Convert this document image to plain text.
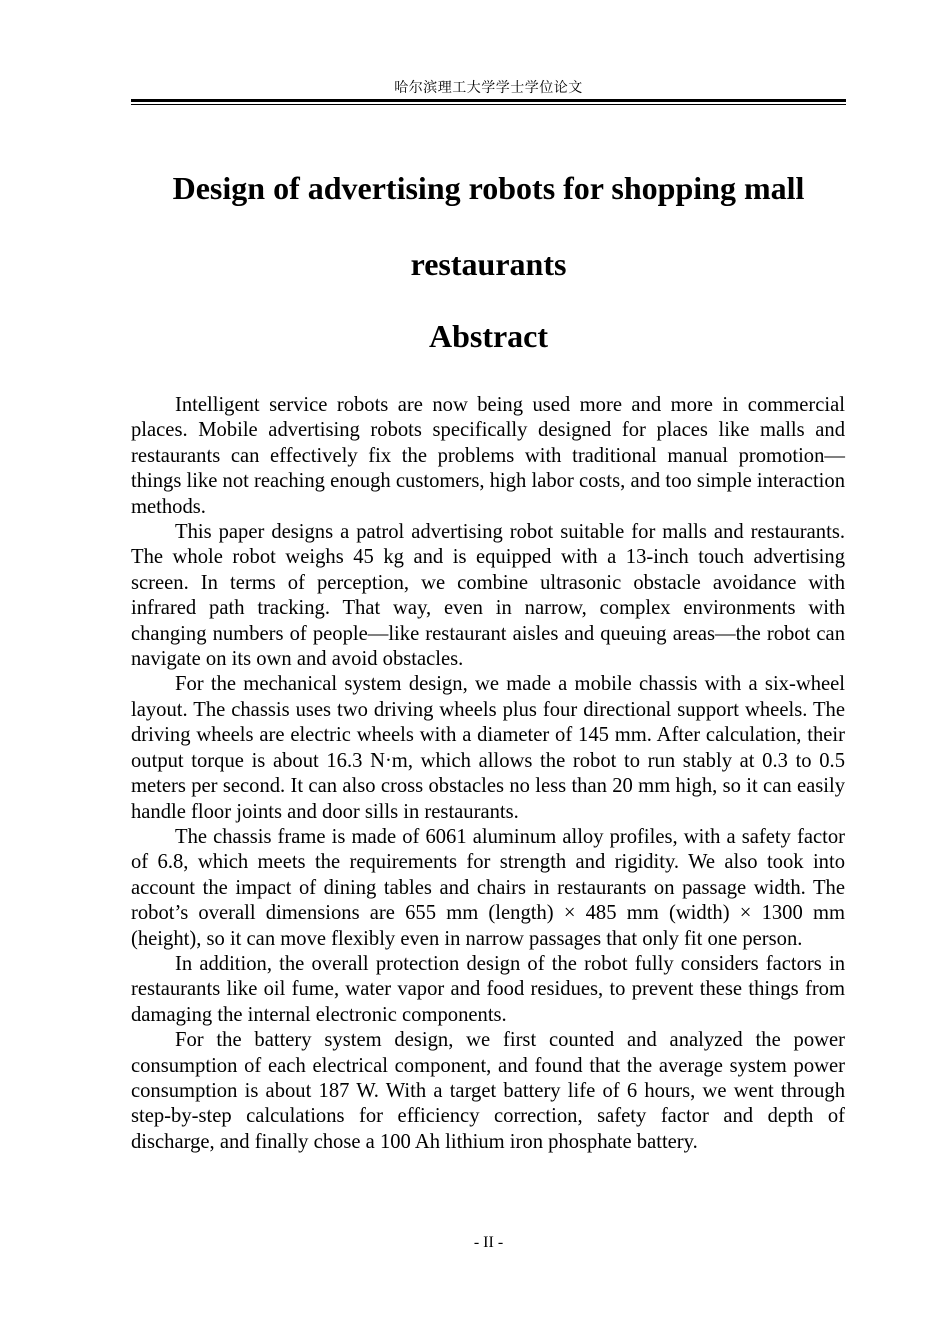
哈尔滨理工大学学士学位论文
Design of advertising robots for shopping mall restaurants
Abstract

Intelligent service robots are now being used more and more in commercial places. Mobile advertising robots specifically designed for places like malls and restaurants can effectively fix the problems with traditional manual promotion—things like not reaching enough customers, high labor costs, and too simple interaction methods.

This paper designs a patrol advertising robot suitable for malls and restaurants. The whole robot weighs 45 kg and is equipped with a 13-inch touch advertising screen. In terms of perception, we combine ultrasonic obstacle avoidance with infrared path tracking. That way, even in narrow, complex environments with changing numbers of people—like restaurant aisles and queuing areas—the robot can navigate on its own and avoid obstacles.

For the mechanical system design, we made a mobile chassis with a six-wheel layout. The chassis uses two driving wheels plus four directional support wheels. The driving wheels are electric wheels with a diameter of 145 mm. After calculation, their output torque is about 16.3 N·m, which allows the robot to run stably at 0.3 to 0.5 meters per second. It can also cross obstacles no less than 20 mm high, so it can easily handle floor joints and door sills in restaurants.

The chassis frame is made of 6061 aluminum alloy profiles, with a safety factor of 6.8, which meets the requirements for strength and rigidity. We also took into account the impact of dining tables and chairs in restaurants on passage width. The robot’s overall dimensions are 655 mm (length) × 485 mm (width) × 1300 mm (height), so it can move flexibly even in narrow passages that only fit one person.

In addition, the overall protection design of the robot fully considers factors in restaurants like oil fume, water vapor and food residues, to prevent these things from damaging the internal electronic components.

For the battery system design, we first counted and analyzed the power consumption of each electrical component, and found that the average system power consumption is about 187 W. With a target battery life of 6 hours, we went through step-by-step calculations for efficiency correction, safety factor and depth of discharge, and finally chose a 100 Ah lithium iron phosphate battery.

- II -
